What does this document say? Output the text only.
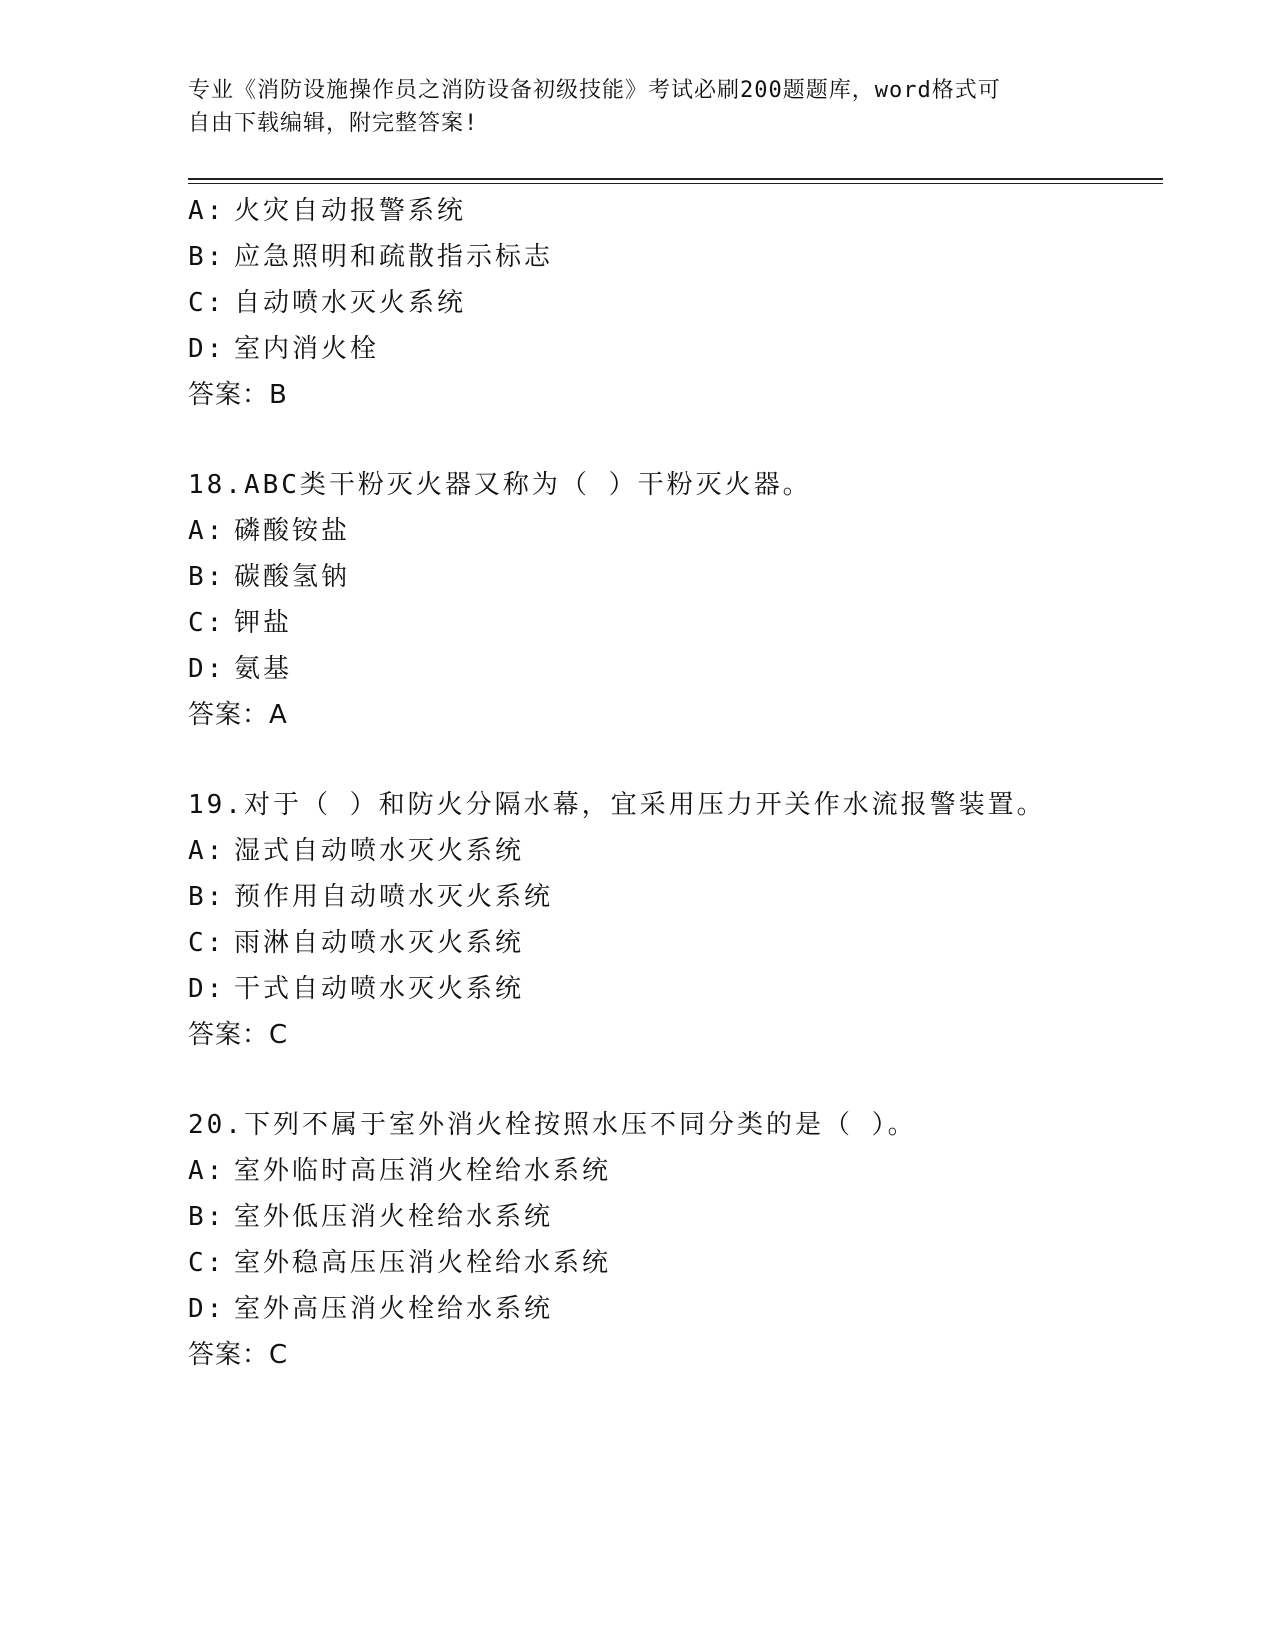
专业《消防设施操作员之消防设备初级技能》考试必刷200题题库，word格式可
自由下载编辑，附完整答案!
A: 火灾自动报警系统
B: 应急照明和疏散指示标志
C: 自动喷水灭火系统
D: 室内消火栓
答案：B
18.ABC类干粉灭火器又称为（ ）干粉灭火器。
A: 磷酸铵盐
B: 碳酸氢钠
C: 钾盐
D: 氨基
答案：A
19.对于（ ）和防火分隔水幕，宜采用压力开关作水流报警装置。
A: 湿式自动喷水灭火系统
B: 预作用自动喷水灭火系统
C: 雨淋自动喷水灭火系统
D: 干式自动喷水灭火系统
答案：C
20.下列不属于室外消火栓按照水压不同分类的是（ ）。
A: 室外临时高压消火栓给水系统
B: 室外低压消火栓给水系统
C: 室外稳高压压消火栓给水系统
D: 室外高压消火栓给水系统
答案：C
